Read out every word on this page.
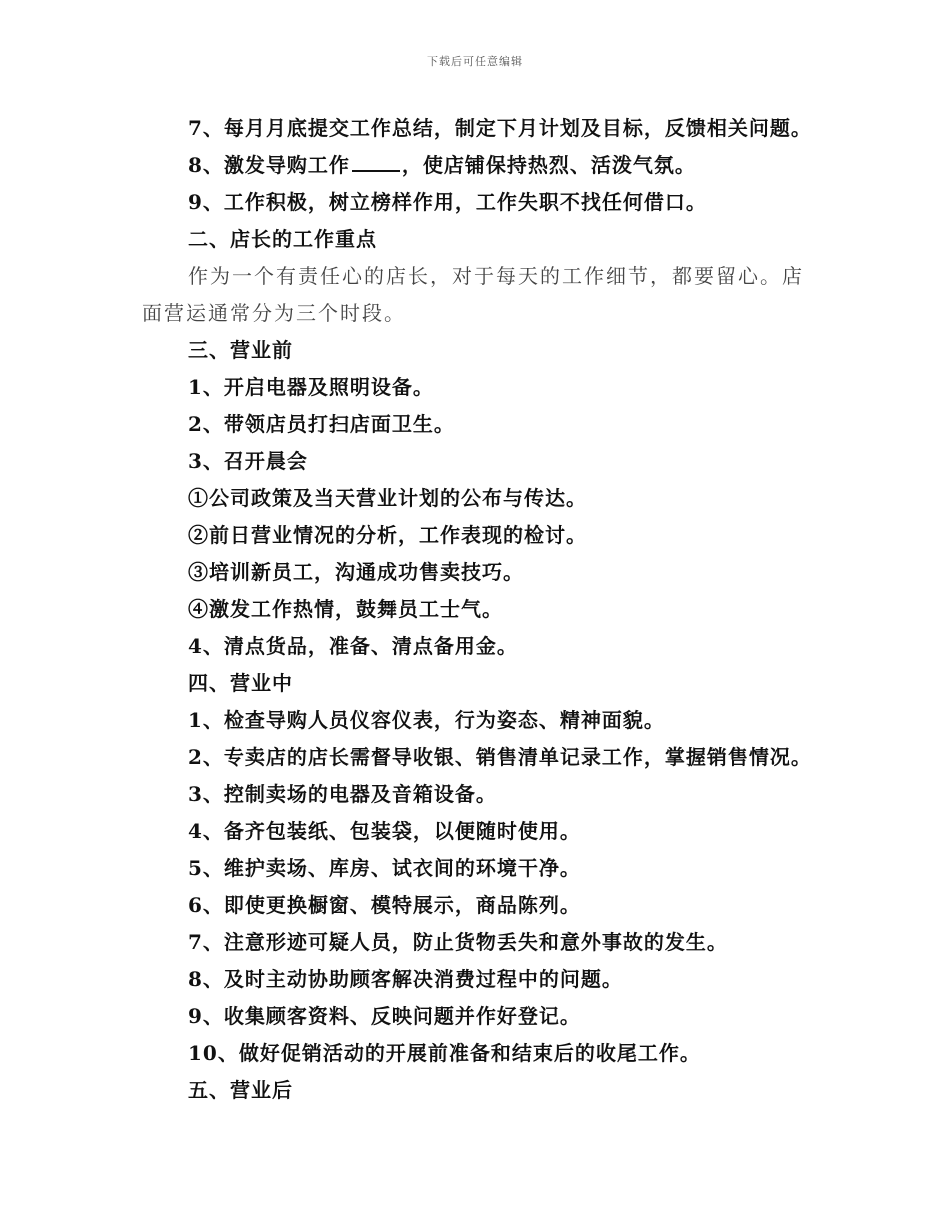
下载后可任意编辑
7、每月月底提交工作总结，制定下月计划及目标，反馈相关问题。
8、激发导购工作	，使店铺保持热烈、活泼气氛。
9、工作积极，树立榜样作用，工作失职不找任何借口。
二、店长的工作重点
作为一个有责任心的店长，对于每天的工作细节，都要留心。店面营运通常分为三个时段。
三、营业前
1、开启电器及照明设备。
2、带领店员打扫店面卫生。
3、召开晨会
①公司政策及当天营业计划的公布与传达。
②前日营业情况的分析，工作表现的检讨。
③培训新员工，沟通成功售卖技巧。
④激发工作热情，鼓舞员工士气。
4、清点货品，准备、清点备用金。
四、营业中
1、检查导购人员仪容仪表，行为姿态、精神面貌。
2、专卖店的店长需督导收银、销售清单记录工作，掌握销售情况。
3、控制卖场的电器及音箱设备。
4、备齐包装纸、包装袋，以便随时使用。
5、维护卖场、库房、试衣间的环境干净。
6、即使更换橱窗、模特展示，商品陈列。
7、注意形迹可疑人员，防止货物丢失和意外事故的发生。
8、及时主动协助顾客解决消费过程中的问题。
9、收集顾客资料、反映问题并作好登记。
10、做好促销活动的开展前准备和结束后的收尾工作。
五、营业后
